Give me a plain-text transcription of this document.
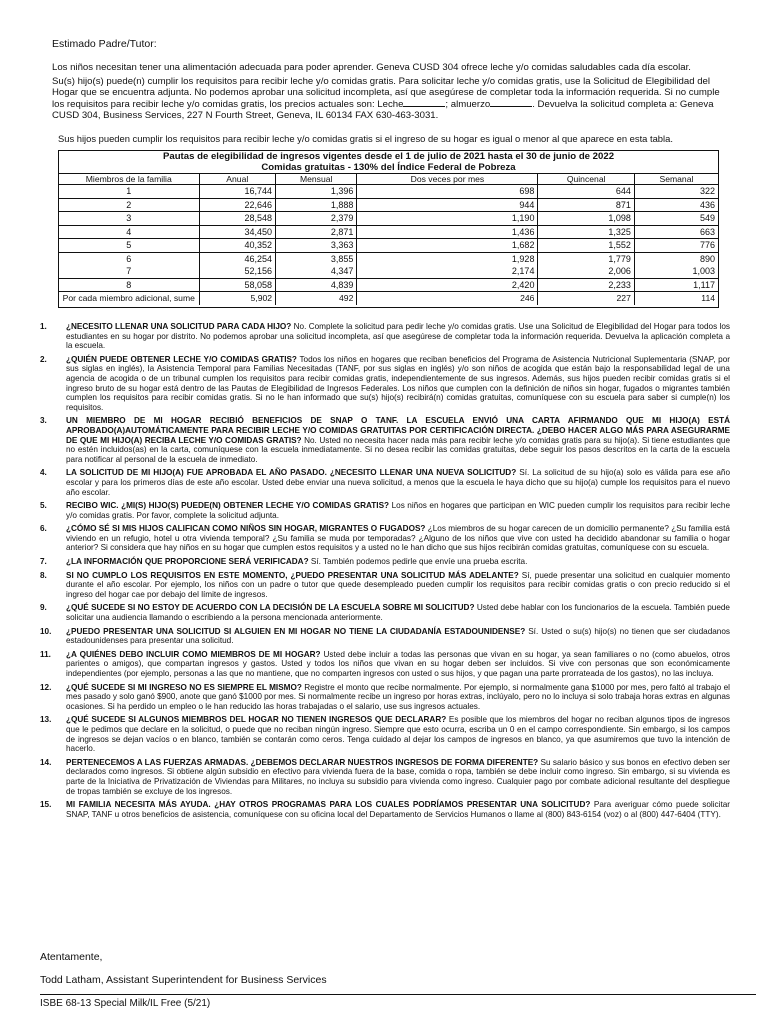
Estimado Padre/Tutor:
Los niños necesitan tener una alimentación adecuada para poder aprender. Geneva CUSD 304 ofrece leche y/o comidas saludables cada día escolar.
Su(s) hijo(s) puede(n) cumplir los requisitos para recibir leche y/o comidas gratis. Para solicitar leche y/o comidas gratis, use la Solicitud de Elegibilidad del Hogar que se encuentra adjunta. No podemos aprobar una solicitud incompleta, así que asegúrese de completar toda la información requerida. Si no cumple los requisitos para recibir leche y/o comidas gratis, los precios actuales son: Leche	; almuerzo	. Devuelva la solicitud completa a: Geneva CUSD 304, Business Services, 227 N Fourth Street, Geneva, IL 60134 FAX 630-463-3031.
Sus hijos pueden cumplir los requisitos para recibir leche y/o comidas gratis si el ingreso de su hogar es igual o menor al que aparece en esta tabla.
Pautas de elegibilidad de ingresos vigentes desde el 1 de julio de 2021 hasta el 30 de junio de 2022
Comidas gratuitas - 130% del Índice Federal de Pobreza
Miembros de la familia	Anual	Mensual	Dos veces por mes	Quincenal	Semanal
1	16,744	1,396	698	644	322
2	22,646	1,888	944	871	436
3	28,548	2,379	1,190	1,098	549
4	34,450	2,871	1,436	1,325	663
5	40,352	3,363	1,682	1,552	776
6	46,254	3,855	1,928	1,779	890
7	52,156	4,347	2,174	2,006	1,003
8	58,058	4,839	2,420	2,233	1,117
Por cada miembro adicional, sume	5,902	492	246	227	114
1. ¿NECESITO LLENAR UNA SOLICITUD PARA CADA HIJO? No. Complete la solicitud para pedir leche y/o comidas gratis. Use una Solicitud de Elegibilidad del Hogar para todos los estudiantes en su hogar por distrito. No podemos aprobar una solicitud incompleta, así que asegúrese de completar toda la información requerida. Devuelva la aplicación completa a la escuela.
2. ¿QUIÉN PUEDE OBTENER LECHE Y/O COMIDAS GRATIS? Todos los niños en hogares que reciban beneficios del Programa de Asistencia Nutricional Suplementaria (SNAP, por sus siglas en inglés), la Asistencia Temporal para Familias Necesitadas (TANF, por sus siglas en inglés) y/o son niños de acogida que están bajo la responsabilidad legal de una agencia de acogida o de un tribunal cumplen los requisitos para recibir comidas gratis, independientemente de sus ingresos. Además, sus hijos pueden recibir comidas gratis si el ingreso bruto de su hogar está dentro de las Pautas de Elegibilidad de Ingresos Federales. Los niños que cumplen con la definición de niños sin hogar, fugados o migrantes también cumplen los requisitos para recibir comidas gratis. Si no le han informado que su(s) hijo(s) recibirá(n) comidas gratuitas, comuníquese con su escuela para saber si cumple(n) los requisitos.
3. UN MIEMBRO DE MI HOGAR RECIBIÓ BENEFICIOS DE SNAP O TANF. LA ESCUELA ENVIÓ UNA CARTA AFIRMANDO QUE MI HIJO(A) ESTÁ APROBADO(A)AUTOMÁTICAMENTE PARA RECIBIR LECHE Y/O COMIDAS GRATUITAS POR CERTIFICACIÓN DIRECTA. ¿DEBO HACER ALGO MÁS PARA ASEGURARME DE QUE MI HIJO(A) RECIBA LECHE Y/O COMIDAS GRATIS? No. Usted no necesita hacer nada más para recibir leche y/o comidas gratis para su hijo(a). Si tiene estudiantes que no estén incluidos(as) en la carta, comuníquese con la escuela inmediatamente. Si no desea recibir las comidas gratuitas, debe seguir los pasos descritos en la carta de la escuela para notificar al personal de la escuela de inmediato.
4. LA SOLICITUD DE MI HIJO(A) FUE APROBADA EL AÑO PASADO. ¿NECESITO LLENAR UNA NUEVA SOLICITUD? Sí. La solicitud de su hijo(a) solo es válida para ese año escolar y para los primeros días de este año escolar. Usted debe enviar una nueva solicitud, a menos que la escuela le haya dicho que su hijo(a) cumple los requisitos para el nuevo año escolar.
5. RECIBO WIC. ¿MI(S) HIJO(S) PUEDE(N) OBTENER LECHE Y/O COMIDAS GRATIS? Los niños en hogares que participan en WIC pueden cumplir los requisitos para recibir leche y/o comidas gratis. Por favor, complete la solicitud adjunta.
6. ¿CÓMO SÉ SI MIS HIJOS CALIFICAN COMO NIÑOS SIN HOGAR, MIGRANTES O FUGADOS? ¿Los miembros de su hogar carecen de un domicilio permanente? ¿Su familia está viviendo en un refugio, hotel u otra vivienda temporal? ¿Su familia se muda por temporadas? ¿Alguno de los niños que vive con usted ha decidido abandonar su familia o hogar anterior? Si considera que hay niños en su hogar que cumplen estos requisitos y a usted no le han dicho que sus hijos recibirán comidas gratuitas, comuníquese con su escuela.
7. ¿LA INFORMACIÓN QUE PROPORCIONE SERÁ VERIFICADA? Sí. También podemos pedirle que envíe una prueba escrita.
8. SI NO CUMPLO LOS REQUISITOS EN ESTE MOMENTO, ¿PUEDO PRESENTAR UNA SOLICITUD MÁS ADELANTE? Sí, puede presentar una solicitud en cualquier momento durante el año escolar. Por ejemplo, los niños con un padre o tutor que quede desempleado pueden cumplir los requisitos para recibir comidas gratis o con precio reducido si el ingreso del hogar cae por debajo del límite de ingresos.
9. ¿QUÉ SUCEDE SI NO ESTOY DE ACUERDO CON LA DECISIÓN DE LA ESCUELA SOBRE MI SOLICITUD? Usted debe hablar con los funcionarios de la escuela. También puede solicitar una audiencia llamando o escribiendo a la persona mencionada anteriormente.
10. ¿PUEDO PRESENTAR UNA SOLICITUD SI ALGUIEN EN MI HOGAR NO TIENE LA CIUDADANÍA ESTADOUNIDENSE? Sí. Usted o su(s) hijo(s) no tienen que ser ciudadanos estadounidenses para presentar una solicitud.
11. ¿A QUIÉNES DEBO INCLUIR COMO MIEMBROS DE MI HOGAR? Usted debe incluir a todas las personas que vivan en su hogar, ya sean familiares o no (como abuelos, otros parientes o amigos), que compartan ingresos y gastos. Usted y todos los niños que vivan en su hogar deben ser incluidos. Si vive con personas que son económicamente independientes (por ejemplo, personas a las que no mantiene, que no comparten ingresos con usted o sus hijos, y que pagan una parte prorrateada de los gastos), no las incluya.
12. ¿QUÉ SUCEDE SI MI INGRESO NO ES SIEMPRE EL MISMO? Registre el monto que recibe normalmente. Por ejemplo, si normalmente gana $1000 por mes, pero faltó al trabajo el mes pasado y solo ganó $900, anote que ganó $1000 por mes. Si normalmente recibe un ingreso por horas extras, inclúyalo, pero no lo incluya si solo trabaja horas extras en algunas ocasiones. Si ha perdido un empleo o le han reducido las horas trabajadas o el salario, use sus ingresos actuales.
13. ¿QUÉ SUCEDE SI ALGUNOS MIEMBROS DEL HOGAR NO TIENEN INGRESOS QUE DECLARAR? Es posible que los miembros del hogar no reciban algunos tipos de ingresos que le pedimos que declare en la solicitud, o puede que no reciban ningún ingreso. Siempre que esto ocurra, escriba un 0 en el campo correspondiente. Sin embargo, si los campos de ingresos se dejan vacíos o en blanco, también se contarán como ceros. Tenga cuidado al dejar los campos de ingresos en blanco, ya que asumiremos que tuvo la intención de hacerlo.
14. PERTENECEMOS A LAS FUERZAS ARMADAS. ¿DEBEMOS DECLARAR NUESTROS INGRESOS DE FORMA DIFERENTE? Su salario básico y sus bonos en efectivo deben ser declarados como ingresos. Si obtiene algún subsidio en efectivo para vivienda fuera de la base, comida o ropa, también se debe incluir como ingreso. Sin embargo, si su vivienda es parte de la Iniciativa de Privatización de Viviendas para Militares, no incluya su subsidio para vivienda como ingreso. Cualquier pago por combate adicional resultante del despliegue de tropas también se excluye de los ingresos.
15. MI FAMILIA NECESITA MÁS AYUDA. ¿HAY OTROS PROGRAMAS PARA LOS CUALES PODRÍAMOS PRESENTAR UNA SOLICITUD? Para averiguar cómo puede solicitar SNAP, TANF u otros beneficios de asistencia, comuníquese con su oficina local del Departamento de Servicios Humanos o llame al (800) 843-6154 (voz) o al (800) 447-6404 (TTY).
Atentamente,
Todd Latham, Assistant Superintendent for Business Services
ISBE 68-13 Special Milk/IL Free (5/21)
